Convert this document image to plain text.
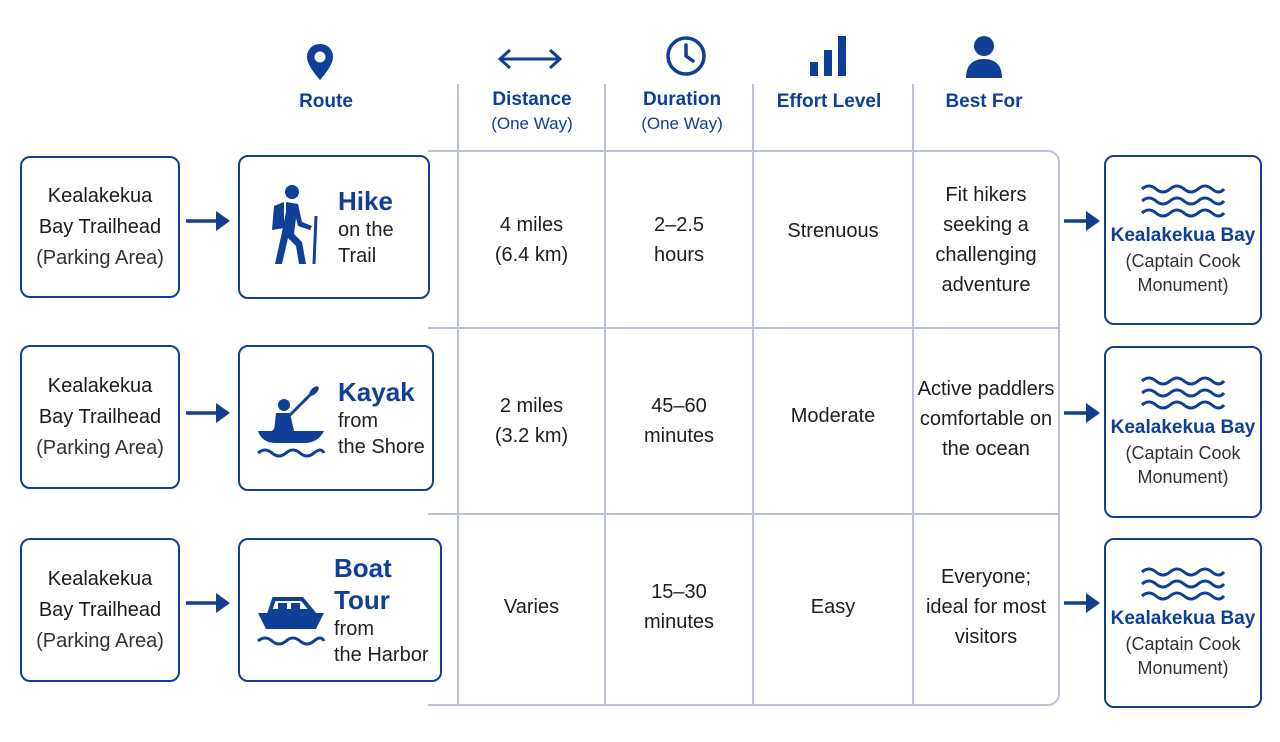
Route	Distance
(One Way)
Duration
(One Way)
Effort Level	Best For
Kealakekua
Bay Trailhead
(Parking Area)
Hike
on the
Trail
4 miles
(6.4 km)
2–2.5
hours
Strenuous
Fit hikers
seeking a
challenging
adventure
Kealakekua Bay
(Captain Cook
Monument)
Kealakekua
Bay Trailhead
(Parking Area)
Kayak
from
the Shore
2 miles
(3.2 km)
45–60
minutes
Moderate
Active paddlers
comfortable on
the ocean
Kealakekua Bay
(Captain Cook
Monument)
Kealakekua
Bay Trailhead
(Parking Area)
Boat Tour
from
the Harbor
Varies
15–30
minutes
Easy
Everyone;
ideal for most
visitors
Kealakekua Bay
(Captain Cook
Monument)
